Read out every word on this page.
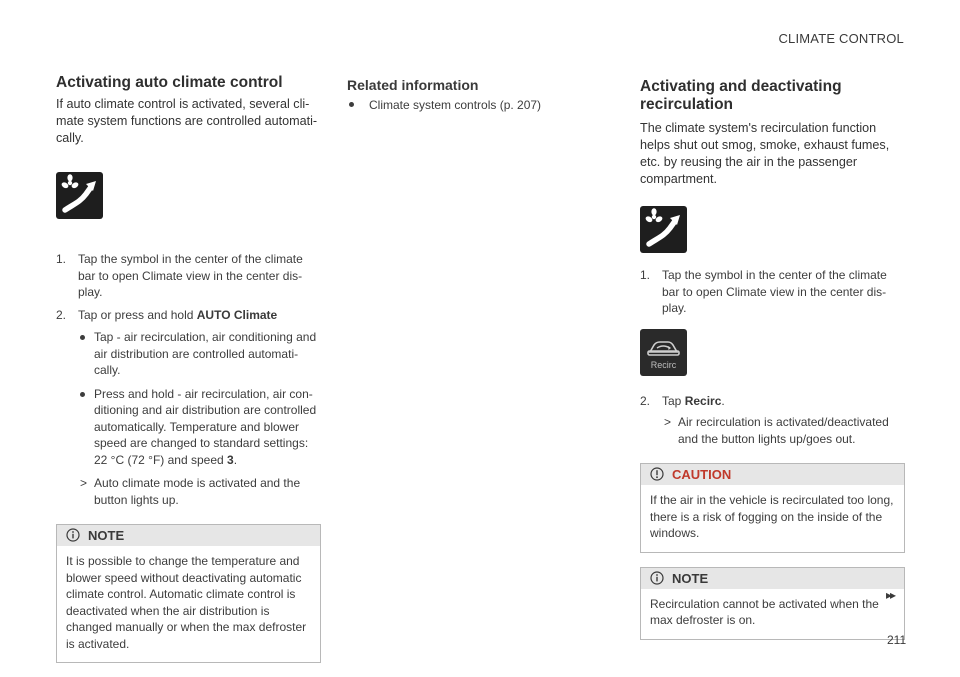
CLIMATE CONTROL
Activating auto climate control

If auto climate control is activated, several cli-mate system functions are controlled automati-cally.

1. Tap the symbol in the center of the climate bar to open Climate view in the center dis-play.
2. Tap or press and hold AUTO Climate
Tap - air recirculation, air conditioning and air distribution are controlled automati-cally.
Press and hold - air recirculation, air con-ditioning and air distribution are controlled automatically. Temperature and blower speed are changed to standard settings: 22 °C (72 °F) and speed 3.
> Auto climate mode is activated and the button lights up.
NOTE
It is possible to change the temperature and blower speed without deactivating automatic climate control. Automatic climate control is deactivated when the air distribution is changed manually or when the max defroster is activated.
Related information
Climate system controls (p. 207)
Activating and deactivating recirculation

The climate system's recirculation function helps shut out smog, smoke, exhaust fumes, etc. by reusing the air in the passenger compartment.

1. Tap the symbol in the center of the climate bar to open Climate view in the center dis-play.
Recirc
2. Tap Recirc.
> Air recirculation is activated/deactivated and the button lights up/goes out.
CAUTION
If the air in the vehicle is recirculated too long, there is a risk of fogging on the inside of the windows.
NOTE
Recirculation cannot be activated when the max defroster is on.
▸▸
211
